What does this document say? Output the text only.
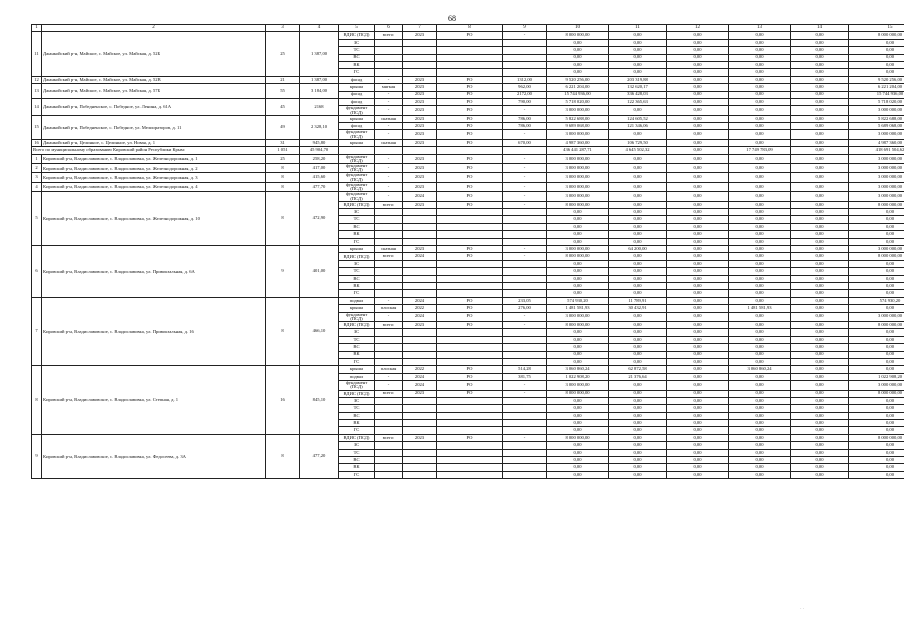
68
1	2	3	4	5	6	7	8	9	10	11	12	13	14	15
11	Джанкойский р-н, Майское, с. Майское, ул. Майская, д. 52Б	25	1 387,00	ВДИС (ПСД)	всего:	2023	РО	-	8 000 000,00	0,00	0,00	0,00	0,00	8 000 000,00
				ЗС					0,00	0,00	0,00	0,00	0,00	0,00
				ТС					0,00	0,00	0,00	0,00	0,00	0,00
				ВС					0,00	0,00	0,00	0,00	0,00	0,00
				ВК					0,00	0,00	0,00	0,00	0,00	0,00
				ГС					0,00	0,00	0,00	0,00	0,00	0,00
12	Джанкойский р-н, Майское, с. Майское, ул. Майская, д. 52В	21	1 387,00	фасад	-	2023	РО	1312,00	9 520 256,00	203 319,88	0,00	0,00	0,00	9 520 256,00
13	Джанкойский р-н, Майское, с. Майское, ул. Майская, д. 57Б	55	3 184,00	крыша	мягкая	2023	РО	962,00	6 221 204,00	132 620,17	0,00	0,00	0,00	6 221 204,00
				фасад	-	2023	РО	2172,00	15 744 936,00	336 428,03	0,00	0,00	0,00	15 744 936,00
14	Джанкойский р-н, Победненское, с. Победное, ул. Ленина, д. 61А	45	2168	фасад	-	2023	РО	790,00	5 718 020,00	122 365,63	0,00	0,00	0,00	5 718 020,00
				фундамент (ПСД)	-	2023	РО	-	3 000 000,00	0,00	0,00	0,00	0,00	3 000 000,00
15	Джанкойский р-н, Победненское, с. Победное, ул. Мелиораторов, д. 11	49	2 328,10	крыша	скатная	2023	РО	786,00	5 822 688,00	124 605,52	0,00	0,00	0,00	5 822 688,00
				фасад	-	2023	РО	786,00	9 689 068,00	121 346,06	0,00	0,00	0,00	5 689 068,00
				фундамент (ПСД)	-	2023	РО	-	3 000 000,00	0,00	0,00	0,00	0,00	3 000 000,00
16	Джанкойский р-н, Целинное, с. Целинное, ул. Новая, д. 1	31	945,80	крыша	скатная	2023	РО	670,00	4 987 360,00	106 729,50	0,00	0,00	0,00	4 987 360,00
Всего по муниципальному образованию Кировский район Республики Крым:		1 051	45 904,70						436 441 287,71	4 645 502,32	0,00	17 749 783,09	0,00	418 691 504,62
1	Кировский р-н, Владиславовское, с. Владиславовка, ул. Железнодорожная, д. 1	25	258,20	фундамент (ПСД)	-	2023	РО	-	3 000 000,00	0,00	0,00	0,00	0,00	3 000 000,00
2	Кировский р-н, Владиславовское, с. Владиславовка, ул. Железнодорожная, д. 2	8	417,00	фундамент (ПСД)	-	2023	РО	-	3 000 000,00	0,00	0,00	0,00	0,00	3 000 000,00
3	Кировский р-н, Владиславовское, с. Владиславовка, ул. Железнодорожная, д. 3	8	415,60	фундамент (ПСД)	-	2023	РО	-	3 000 000,00	0,00	0,00	0,00	0,00	3 000 000,00
4	Кировский р-н, Владиславовское, с. Владиславовка, ул. Железнодорожная, д. 4	8	477,70	фундамент (ПСД)	-	2023	РО	-	3 000 000,00	0,00	0,00	0,00	0,00	3 000 000,00
5	Кировский р-н, Владиславовское, с. Владиславовка, ул. Железнодорожная, д. 10	8	472,90	фундамент (ПСД)	-	2024	РО	-	3 000 000,00	0,00	0,00	0,00	0,00	3 000 000,00
				ВДИС (ПСД)	всего:	2023	РО	-	8 000 000,00	0,00	0,00	0,00	0,00	8 000 000,00
				ЗС					0,00	0,00	0,00	0,00	0,00	0,00
				ТС					0,00	0,00	0,00	0,00	0,00	0,00
				ВС					0,00	0,00	0,00	0,00	0,00	0,00
				ВК					0,00	0,00	0,00	0,00	0,00	0,00
				ГС					0,00	0,00	0,00	0,00	0,00	0,00
6	Кировский р-н, Владиславовское, с. Владиславовка, ул. Привокзальная, д. 6А	9	401,00	крыша	скатная	2023	РО	-	3 000 000,00	64 200,00	0,00	0,00	0,00	3 000 000,00
				ВДИС (ПСД)	всего:	2024	РО	-	8 000 000,00	0,00	0,00	0,00	0,00	8 000 000,00
				ЗС					0,00	0,00	0,00	0,00	0,00	0,00
				ТС					0,00	0,00	0,00	0,00	0,00	0,00
				ВС					0,00	0,00	0,00	0,00	0,00	0,00
				ВК					0,00	0,00	0,00	0,00	0,00	0,00
				ГС					0,00	0,00	0,00	0,00	0,00	0,00
7	Кировский р-н, Владиславовское, с. Владиславовка, ул. Привокзальная, д. 16	8	466,10	подвал	-	2024	РО	233,05	574 930,20	11 789,91	0,00	0,00	0,00	574 930,20
				крыша	плоская	2022	РО	276,00	1 481 581,93	30 432,91	0,00	1 481 581,93	0,00	0,00
				фундамент (ПСД)	-	2024	РО	-	3 000 000,00	0,00	0,00	0,00	0,00	3 000 000,00
				ВДИС (ПСД)	всего:	2023	РО	-	8 000 000,00	0,00	0,00	0,00	0,00	8 000 000,00
				ЗС					0,00	0,00	0,00	0,00	0,00	0,00
				ТС					0,00	0,00	0,00	0,00	0,00	0,00
				ВС					0,00	0,00	0,00	0,00	0,00	0,00
				ВК					0,00	0,00	0,00	0,00	0,00	0,00
				ГС					0,00	0,00	0,00	0,00	0,00	0,00
8	Кировский р-н, Владиславовское, с. Владиславовка, ул. Степная, д. 1	16	845,10	крыша	плоская	2022	РО	514,28	3 060 860,24	62 872,58	0,00	3 060 860,24	0,00	0,00
				подвал	-	2024	РО	381,75	1 022 908,20	21 376,64	0,00	0,00	0,00	1 022 908,20
				фундамент (ПСД)	-	2024	РО	-	3 000 000,00	0,00	0,00	0,00	0,00	3 000 000,00
				ВДИС (ПСД)	всего:	2023	РО	-	8 000 000,00	0,00	0,00	0,00	0,00	8 000 000,00
				ЗС					0,00	0,00	0,00	0,00	0,00	0,00
				ТС					0,00	0,00	0,00	0,00	0,00	0,00
				ВС					0,00	0,00	0,00	0,00	0,00	0,00
				ВК					0,00	0,00	0,00	0,00	0,00	0,00
				ГС					0,00	0,00	0,00	0,00	0,00	0,00
9	Кировский р-н, Владиславовское, с. Владиславовка, ул. Федосеева, д. 3А	8	477,20	ВДИС (ПСД)	всего:	2023	РО	-	8 000 000,00	0,00	0,00	0,00	0,00	8 000 000,00
				ЗС					0,00	0,00	0,00	0,00	0,00	0,00
				ТС					0,00	0,00	0,00	0,00	0,00	0,00
				ВС					0,00	0,00	0,00	0,00	0,00	0,00
				ВК					0,00	0,00	0,00	0,00	0,00	0,00
				ГС					0,00	0,00	0,00	0,00	0,00	0,00
· ·
